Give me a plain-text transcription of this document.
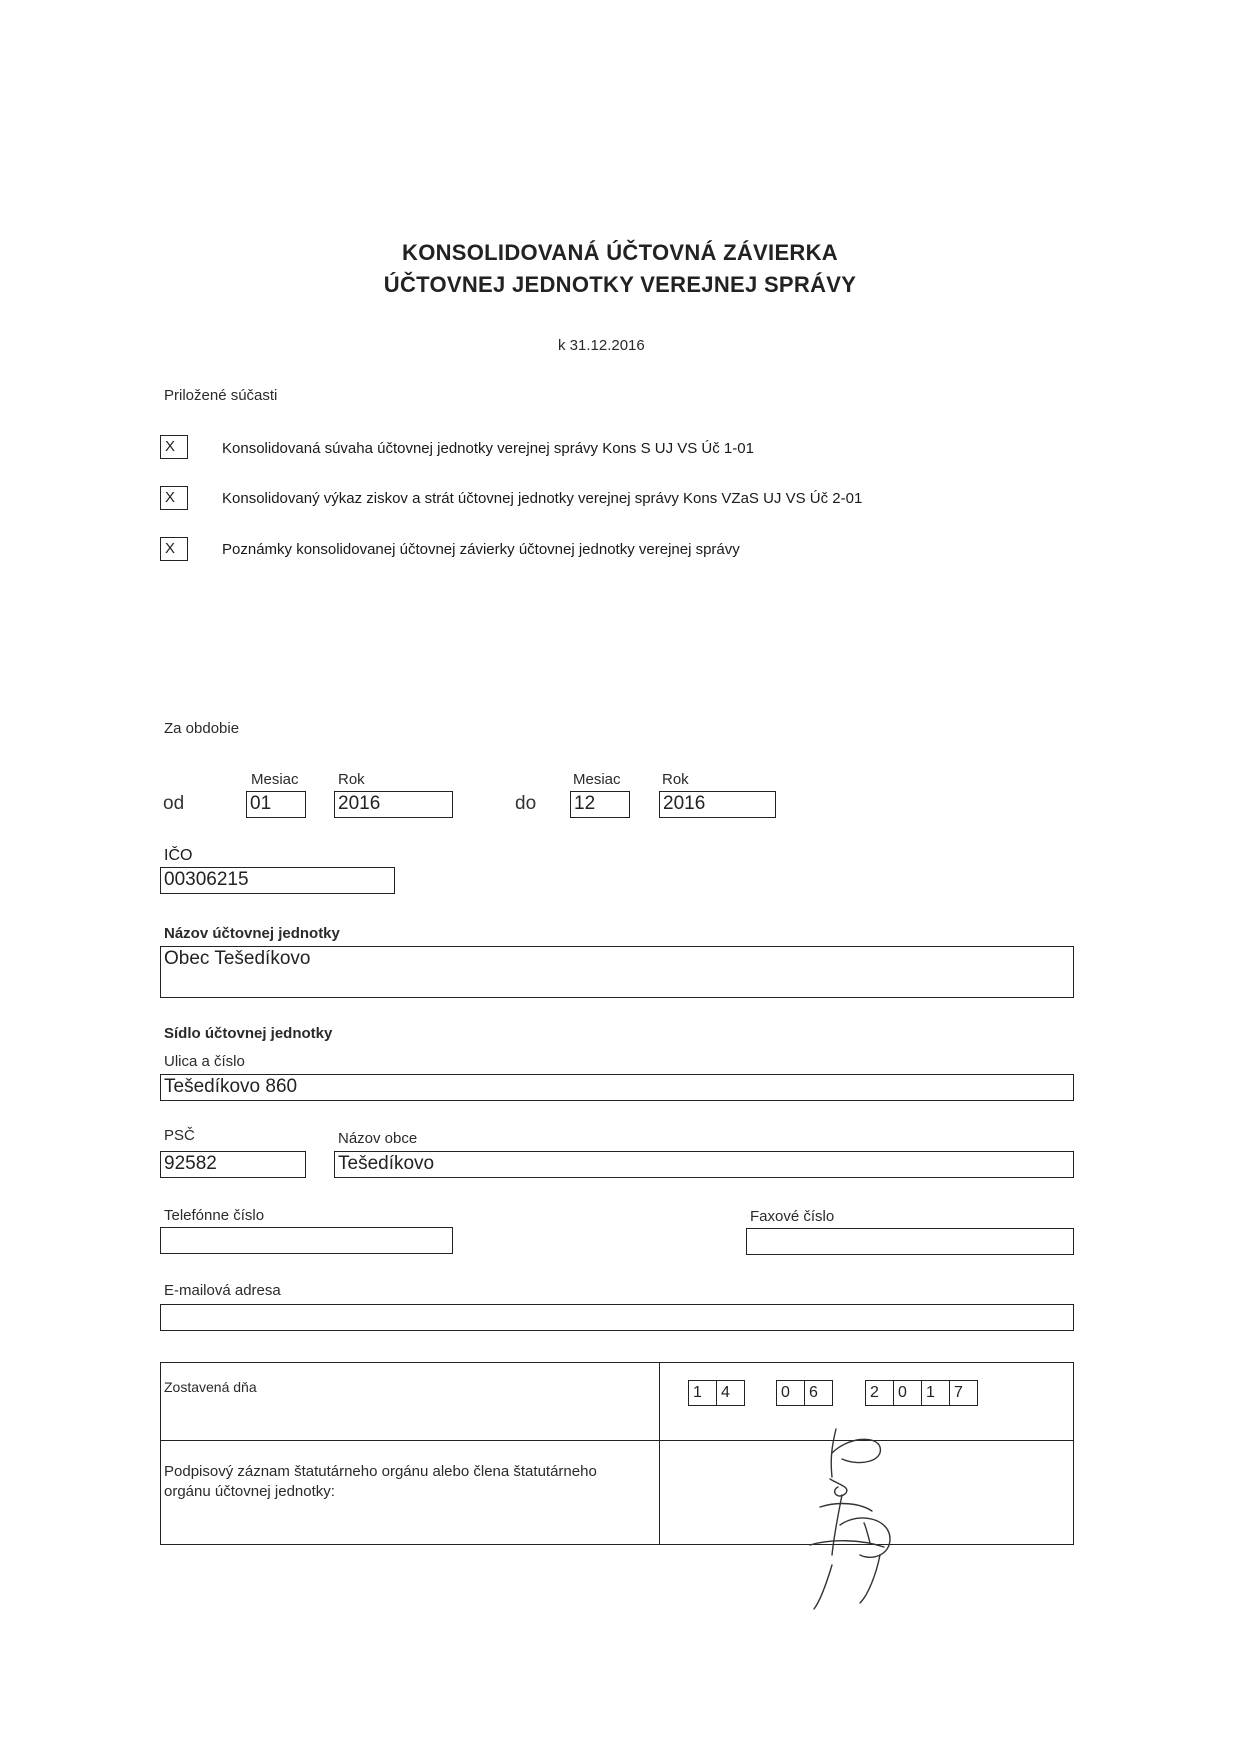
KONSOLIDOVANÁ ÚČTOVNÁ ZÁVIERKA
ÚČTOVNEJ JEDNOTKY VEREJNEJ SPRÁVY
k 31.12.2016
Priložené súčasti
X	Konsolidovaná súvaha účtovnej jednotky verejnej správy Kons S UJ VS Úč 1-01
X	Konsolidovaný výkaz ziskov a strát účtovnej jednotky verejnej správy Kons VZaS UJ VS Úč 2-01
X	Poznámky konsolidovanej účtovnej závierky účtovnej jednotky verejnej správy
Za obdobie
Mesiac	Rok	Mesiac	Rok
od	01	2016	do 12	2016
IČO
00306215
Názov účtovnej jednotky
Obec Tešedíkovo
Sídlo účtovnej jednotky
Ulica a číslo
Tešedíkovo 860
PSČ
92582
Názov obce
Tešedíkovo
Telefónne číslo	Faxové číslo
E-mailová adresa
Zostavená dňa	1	4	0	6	2	0	1	7
Podpisový záznam štatutárneho orgánu alebo člena štatutárneho
orgánu účtovnej jednotky:
